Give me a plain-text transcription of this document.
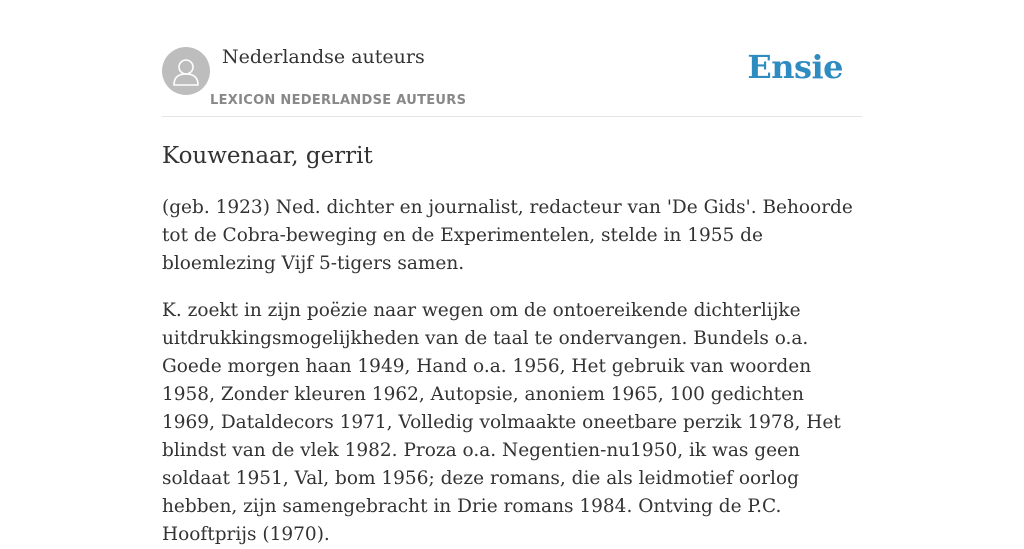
Nederlandse auteurs
LEXICON NEDERLANDSE AUTEURS
Ensie
Kouwenaar, gerrit

(geb. 1923) Ned. dichter en journalist, redacteur van 'De Gids'. Behoorde tot de Cobra-beweging en de Experimentelen, stelde in 1955 de bloemlezing Vijf 5-tigers samen.

K. zoekt in zijn poëzie naar wegen om de ontoereikende dichterlijke uitdrukkingsmogelijkheden van de taal te ondervangen. Bundels o.a. Goede morgen haan 1949, Hand o.a. 1956, Het gebruik van woorden 1958, Zonder kleuren 1962, Autopsie, anoniem 1965, 100 gedichten 1969, Dataldecors 1971, Volledig volmaakte oneetbare perzik 1978, Het blindst van de vlek 1982. Proza o.a. Negentien-nu1950, ik was geen soldaat 1951, Val, bom 1956; deze romans, die als leidmotief oorlog hebben, zijn samengebracht in Drie romans 1984. Ontving de P.C. Hooftprijs (1970).
